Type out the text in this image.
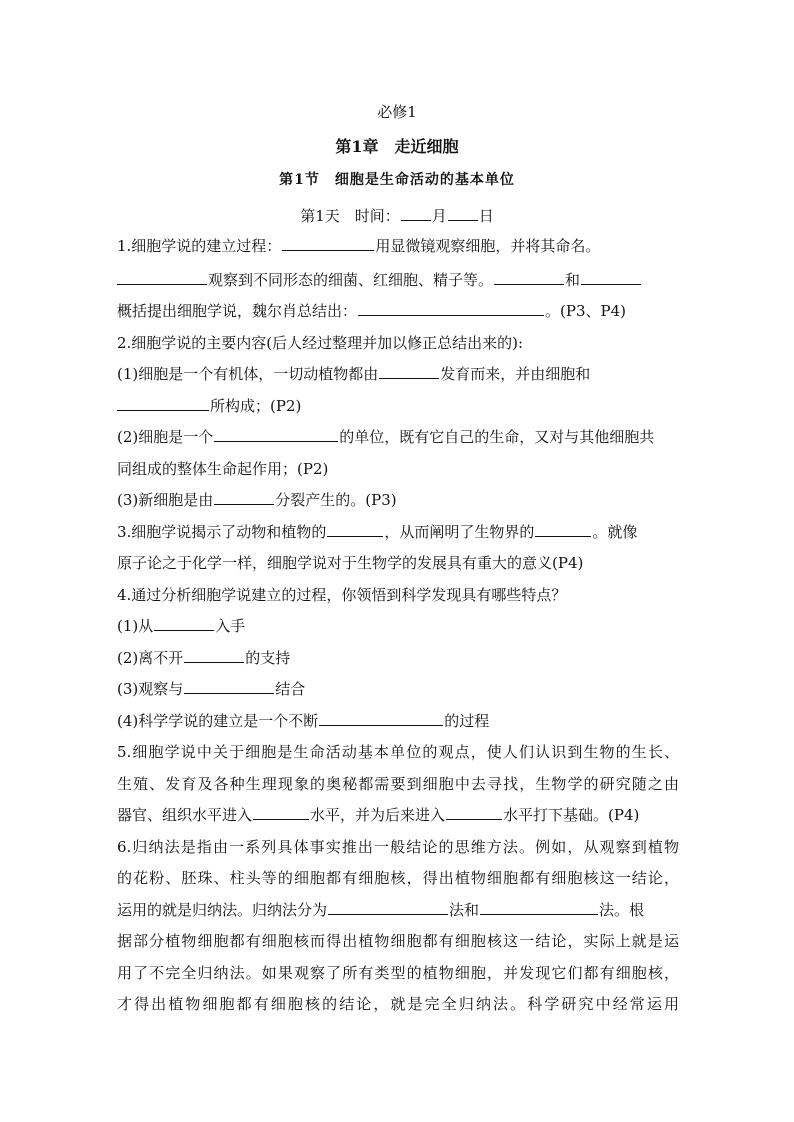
必修1
第1章　走近细胞
第1节　细胞是生命活动的基本单位
第1天　时间： 月 日
1.细胞学说的建立过程：	用显微镜观察细胞，并将其命名。
观察到不同形态的细菌、红细胞、精子等。	和
概括提出细胞学说，魏尔肖总结出：	。(P3、P4)
2.细胞学说的主要内容(后人经过整理并加以修正总结出来的):
(1)细胞是一个有机体，一切动植物都由	发育而来，并由细胞和
所构成；(P2)
(2)细胞是一个	的单位，既有它自己的生命，又对与其他细胞共
同组成的整体生命起作用；(P2)
(3)新细胞是由	分裂产生的。(P3)
3.细胞学说揭示了动物和植物的	，从而阐明了生物界的	。就像
原子论之于化学一样，细胞学说对于生物学的发展具有重大的意义(P4)
4.通过分析细胞学说建立的过程，你领悟到科学发现具有哪些特点？
(1)从	入手
(2)离不开	的支持
(3)观察与	结合
(4)科学学说的建立是一个不断	的过程
5.细胞学说中关于细胞是生命活动基本单位的观点，使人们认识到生物的生长、
生殖、发育及各种生理现象的奥秘都需要到细胞中去寻找，生物学的研究随之由
器官、组织水平进入	水平，并为后来进入	水平打下基础。(P4)
6.归纳法是指由一系列具体事实推出一般结论的思维方法。例如，从观察到植物
的花粉、胚珠、柱头等的细胞都有细胞核，得出植物细胞都有细胞核这一结论，
运用的就是归纳法。归纳法分为	法和	法。根
据部分植物细胞都有细胞核而得出植物细胞都有细胞核这一结论，实际上就是运
用了不完全归纳法。如果观察了所有类型的植物细胞，并发现它们都有细胞核，
才得出植物细胞都有细胞核的结论，就是完全归纳法。科学研究中经常运用
